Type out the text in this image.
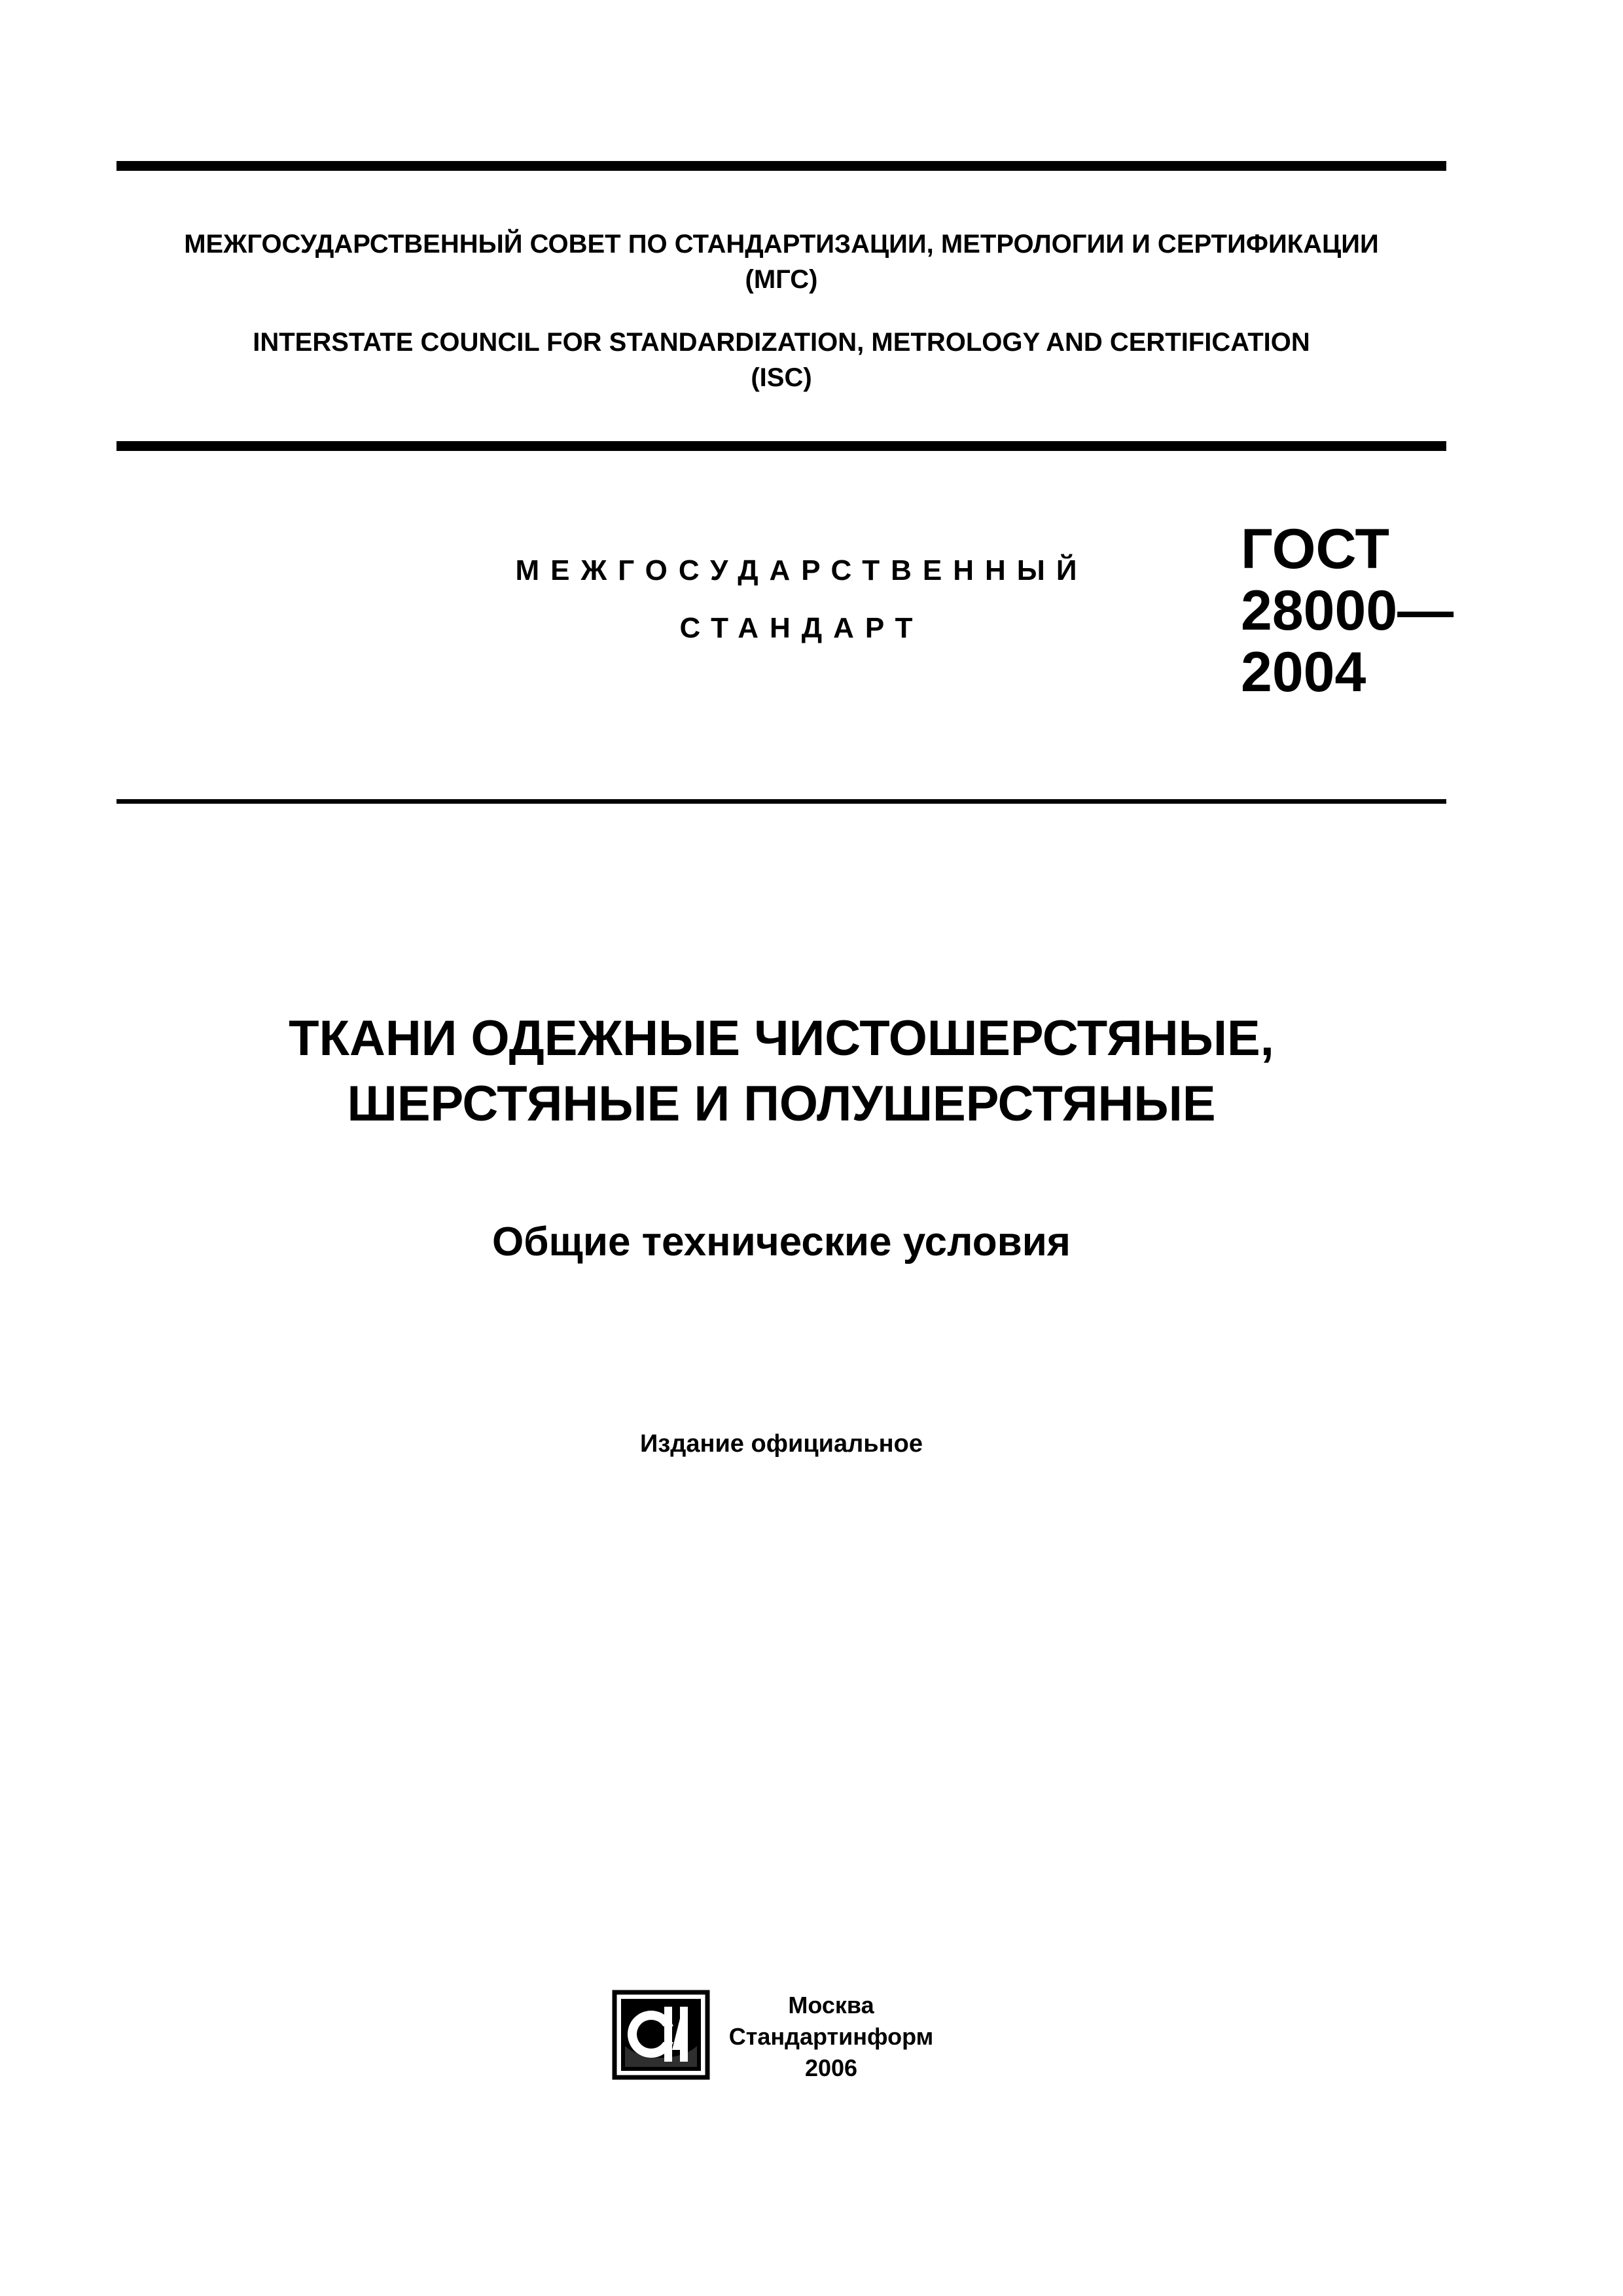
МЕЖГОСУДАРСТВЕННЫЙ СОВЕТ ПО СТАНДАРТИЗАЦИИ, МЕТРОЛОГИИ И СЕРТИФИКАЦИИ
(МГС)
INTERSTATE COUNCIL FOR STANDARDIZATION, METROLOGY AND CERTIFICATION
(ISC)
МЕЖГОСУДАРСТВЕННЫЙ
СТАНДАРТ
ГОСТ
28000—
2004
ТКАНИ ОДЕЖНЫЕ ЧИСТОШЕРСТЯНЫЕ,
ШЕРСТЯНЫЕ И ПОЛУШЕРСТЯНЫЕ
Общие технические условия
Издание официальное
Москва
Стандартинформ
2006
